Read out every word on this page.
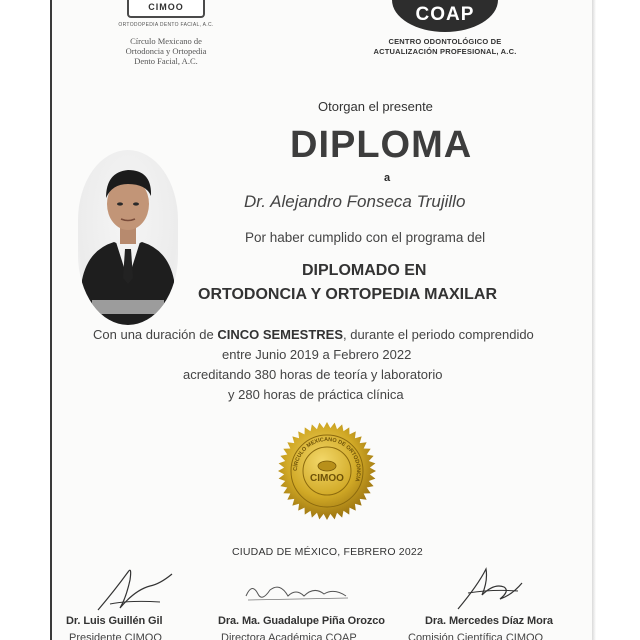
CIMOO
ORTODOPEDIA DENTO FACIAL, A.C.
Círculo Mexicano de
Ortodoncia y Ortopedia
Dento Facial, A.C.
COAP
CENTRO ODONTOLÓGICO DE
ACTUALIZACIÓN PROFESIONAL, A.C.
Otorgan el presente
DIPLOMA
a
Dr. Alejandro Fonseca Trujillo
Por haber cumplido con el programa del
DIPLOMADO EN
ORTODONCIA Y ORTOPEDIA MAXILAR
Con una duración de CINCO SEMESTRES, durante el periodo comprendido
entre Junio 2019 a Febrero 2022
acreditando 380 horas de teoría y laboratorio
y 280 horas de práctica clínica
CÍRCULO MEXICANO DE ORTODONCIA
CIMOO
CIUDAD DE MÉXICO, FEBRERO 2022
Dr. Luis Guillén Gil
Presidente CIMOO
Dra. Ma. Guadalupe Piña Orozco
Directora Académica COAP
Dra. Mercedes Díaz Mora
Comisión Científica CIMOO
